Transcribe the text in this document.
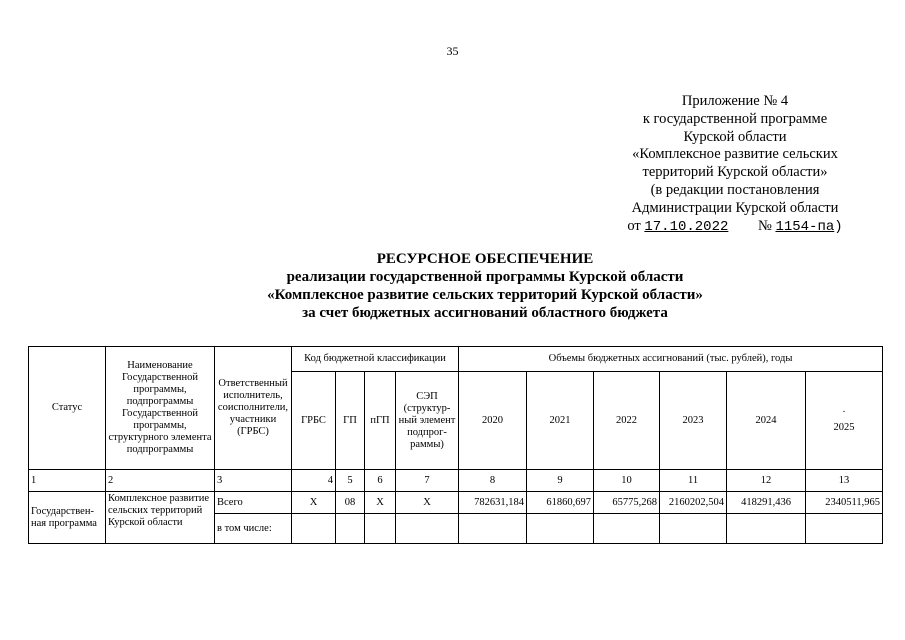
35
Приложение № 4
к государственной программе
Курской области
«Комплексное развитие сельских
территорий Курской области»
(в редакции постановления
Администрации Курской области
от 17.10.2022 № 1154-па)
РЕСУРСНОЕ ОБЕСПЕЧЕНИЕ
реализации государственной программы Курской области
«Комплексное развитие сельских территорий Курской области»
за счет бюджетных ассигнований областного бюджета
Статус	Наименование Государственной программы, подпрограммы Государственной программы, структурного элемента подпрограммы	Ответственный исполнитель, соисполнители, участники (ГРБС)	Код бюджетной классификации				Объемы бюджетных ассигнований (тыс. рублей), годы					
			ГРБС	ГП	пГП	СЭП (структур-ный элемент подпрог-раммы)	2020	2021	2022	2023	2024	·
2025
1	2	3	4	5	6	7	8	9	10	11	12	13
Государствен-ная программа	Комплексное развитие сельских территорий Курской области	Всего	Х	08	Х	Х	782631,184	61860,697	65775,268	2160202,504	418291,436	2340511,965
		в том числе:										
